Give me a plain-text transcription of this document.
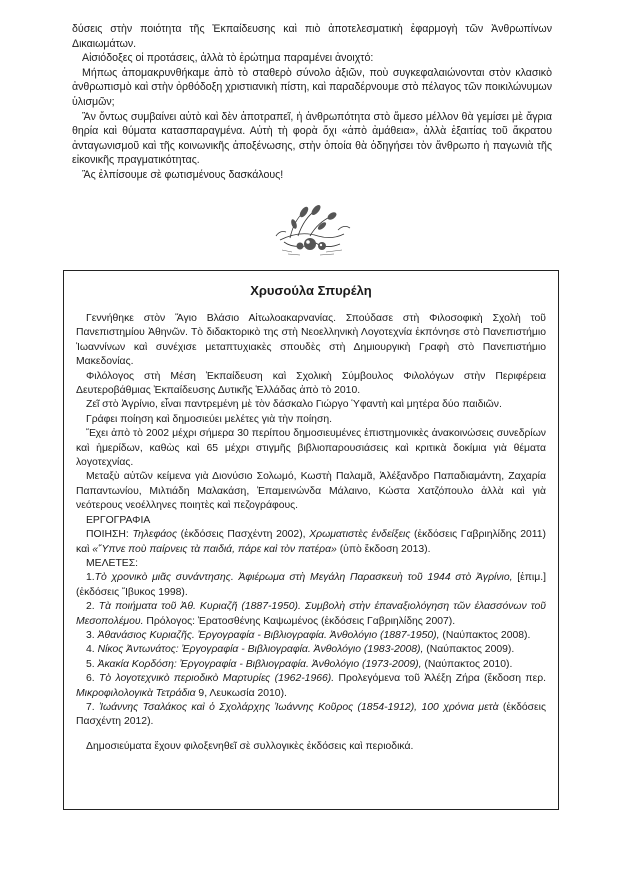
δύσεις στὴν ποιότητα τῆς Ἐκπαίδευσης καὶ πιὸ ἀποτελεσματικὴ ἐφαρμογὴ τῶν Ἀνθρωπίνων Δικαιωμάτων.

Αἰσιόδοξες οἱ προτάσεις, ἀλλὰ τὸ ἐρώτημα παραμένει ἀνοιχτό:

Μήπως ἀπομακρυνθήκαμε ἀπὸ τὸ σταθερὸ σύνολο ἀξιῶν, ποὺ συγκεφαλαιώνονται στὸν κλασικὸ ἀνθρωπισμὸ καὶ στὴν ὀρθόδοξη χριστιανικὴ πίστη, καὶ παραδέρνουμε στὸ πέλαγος τῶν ποικιλώνυμων ὑλισμῶν;

Ἂν ὄντως συμβαίνει αὐτὸ καὶ δὲν ἀποτραπεῖ, ἡ ἀνθρωπότητα στὸ ἄμεσο μέλλον θὰ γεμίσει μὲ ἄγρια θηρία καὶ θύματα κατασπαραγμένα. Αὐτὴ τὴ φορὰ ὄχι «ἀπὸ ἀμάθεια», ἀλλὰ ἐξαιτίας τοῦ ἄκρατου ἀνταγωνισμοῦ καὶ τῆς κοινωνικῆς ἀποξένωσης, στὴν ὁποία θὰ ὁδηγήσει τὸν ἄνθρωπο ἡ παγωνιὰ τῆς εἰκονικῆς πραγματικότητας.

Ἂς ἐλπίσουμε σὲ φωτισμένους δασκάλους!

Χρυσούλα Σπυρέλη

Γεννήθηκε στὸν Ἅγιο Βλάσιο Αἰτωλοακαρνανίας. Σπούδασε στὴ Φιλοσοφικὴ Σχολὴ τοῦ Πανεπιστημίου Ἀθηνῶν. Τὸ διδακτορικὸ της στὴ Νεοελληνικὴ Λογοτεχνία ἐκπόνησε στὸ Πανεπιστήμιο Ἰωαννίνων καὶ συνέχισε μεταπτυχιακὲς σπουδὲς στὴ Δημιουργικὴ Γραφὴ στὸ Πανεπιστήμιο Μακεδονίας.

Φιλόλογος στὴ Μέση Ἐκπαίδευση καὶ Σχολικὴ Σύμβουλος Φιλολόγων στὴν Περιφέρεια Δευτεροβάθμιας Ἐκπαίδευσης Δυτικῆς Ἑλλάδας ἀπὸ τὸ 2010.

Ζεῖ στὸ Ἀγρίνιο, εἶναι παντρεμένη μὲ τὸν δάσκαλο Γιώργο Ὑφαντὴ καὶ μητέρα δύο παιδιῶν.

Γράφει ποίηση καὶ δημοσιεύει μελέτες γιὰ τὴν ποίηση.

Ἔχει ἀπὸ τὸ 2002 μέχρι σήμερα 30 περίπου δημοσιευμένες ἐπιστημονικὲς ἀνακοινώσεις συνεδρίων καὶ ἡμερίδων, καθὼς καὶ 65 μέχρι στιγμῆς βιβλιοπαρουσιάσεις καὶ κριτικὰ δοκίμια γιὰ θέματα λογοτεχνίας.

Μεταξὺ αὐτῶν κείμενα γιὰ Διονύσιο Σολωμό, Κωστὴ Παλαμᾶ, Ἀλέξανδρο Παπαδιαμάντη, Ζαχαρία Παπαντωνίου, Μιλτιάδη Μαλακάση, Ἐπαμεινώνδα Μάλαινο, Κώστα Χατζόπουλο ἀλλὰ καὶ γιὰ νεότερους νεοέλληνες ποιητὲς καὶ πεζογράφους.

ΕΡΓΟΓΡΑΦΙΑ

ΠΟΙΗΣΗ: Τηλεφάος (ἐκδόσεις Πασχέντη 2002), Χρωματιστὲς ἐνδείξεις (ἐκδόσεις Γαβριηλίδης 2011) καὶ «Ὕπνε ποὺ παίρνεις τὰ παιδιά, πάρε καὶ τὸν πατέρα» (ὑπὸ ἔκδοση 2013).

ΜΕΛΕΤΕΣ:

1.Τὸ χρονικὸ μιᾶς συνάντησης. Ἀφιέρωμα στὴ Μεγάλη Παρασκευὴ τοῦ 1944 στὸ Ἀγρίνιο, [ἐπιμ.] (ἐκδόσεις Ἴβυκος 1998).

2. Τὰ ποιήματα τοῦ Ἀθ. Κυριαζῆ (1887-1950). Συμβολὴ στὴν ἐπαναξιολόγηση τῶν ἐλασσόνων τοῦ Μεσοπολέμου. Πρόλογος: Ἐρατοσθένης Καψωμένος (ἐκδόσεις Γαβριηλίδης 2007).

3. Ἀθανάσιος Κυριαζῆς. Ἐργογραφία - Βιβλιογραφία. Ἀνθολόγιο (1887-1950), (Ναύπακτος 2008).

4. Νίκος Ἀντωνάτος: Ἐργογραφία - Βιβλιογραφία. Ἀνθολόγιο (1983-2008), (Ναύπακτος 2009).

5. Ἀκακία Κορδόση: Ἐργογραφία - Βιβλιογραφία. Ἀνθολόγιο (1973-2009), (Ναύπακτος 2010).

6. Τὸ λογοτεχνικὸ περιοδικὸ Μαρτυρίες (1962-1966). Προλεγόμενα τοῦ Ἀλέξη Ζήρα (ἔκδοση περ. Μικροφιλολογικὰ Τετράδια 9, Λευκωσία 2010).

7. Ἰωάννης Τσαλάκος καὶ ὁ Σχολάρχης Ἰωάννης Κοῦρος (1854-1912), 100 χρόνια μετὰ (ἐκδόσεις Πασχέντη 2012).

Δημοσιεύματα ἔχουν φιλοξενηθεῖ σὲ συλλογικὲς ἐκδόσεις καὶ περιοδικά.
